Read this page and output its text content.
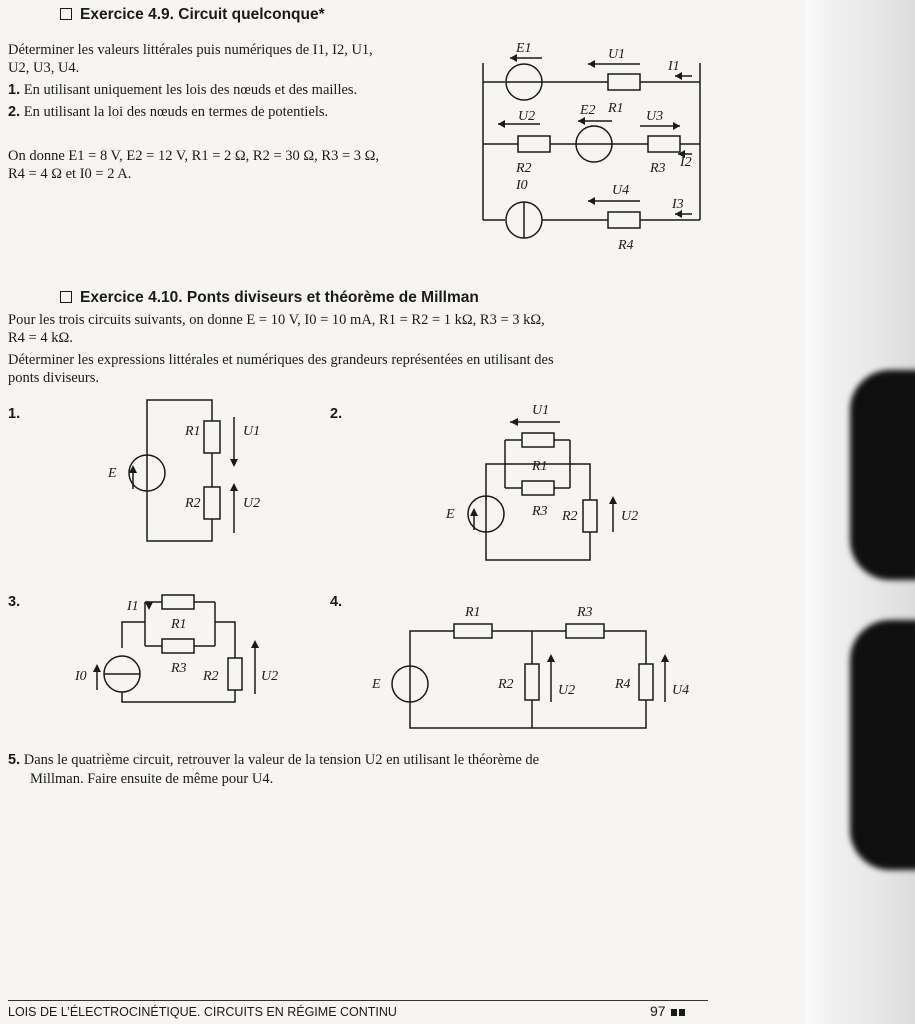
Exercice 4.9. Circuit quelconque*
Déterminer les valeurs littérales puis numériques de I1, I2, U1,
U2, U3, U4.
1. En utilisant uniquement les lois des nœuds et des mailles.
2. En utilisant la loi des nœuds en termes de potentiels.
On donne E1 = 8 V, E2 = 12 V, R1 = 2 Ω, R2 = 30 Ω, R3 = 3 Ω,
R4 = 4 Ω et I0 = 2 A.
E1	U1
I1
E2 R1
U2	U3
R3 I2
R2
I0	U4
I3
R4
Exercice 4.10. Ponts diviseurs et théorème de Millman
Pour les trois circuits suivants, on donne E = 10 V, I0 = 10 mA, R1 = R2 = 1 kΩ, R3 = 3 kΩ,
R4 = 4 kΩ.
Déterminer les expressions littérales et numériques des grandeurs représentées en utilisant des
ponts diviseurs.
1.	2.
3.	4.
R1	U1
E
R2	U2
U1
R1
E	R3 R2	U2
I1
R1
I0
R3
R2	U2
R1	R3
E	R2	U2	R4	U4
5. Dans le quatrième circuit, retrouver la valeur de la tension U2 en utilisant le théorème de
Millman. Faire ensuite de même pour U4.
LOIS DE L’ÉLECTROCINÉTIQUE. CIRCUITS EN RÉGIME CONTINU	97
